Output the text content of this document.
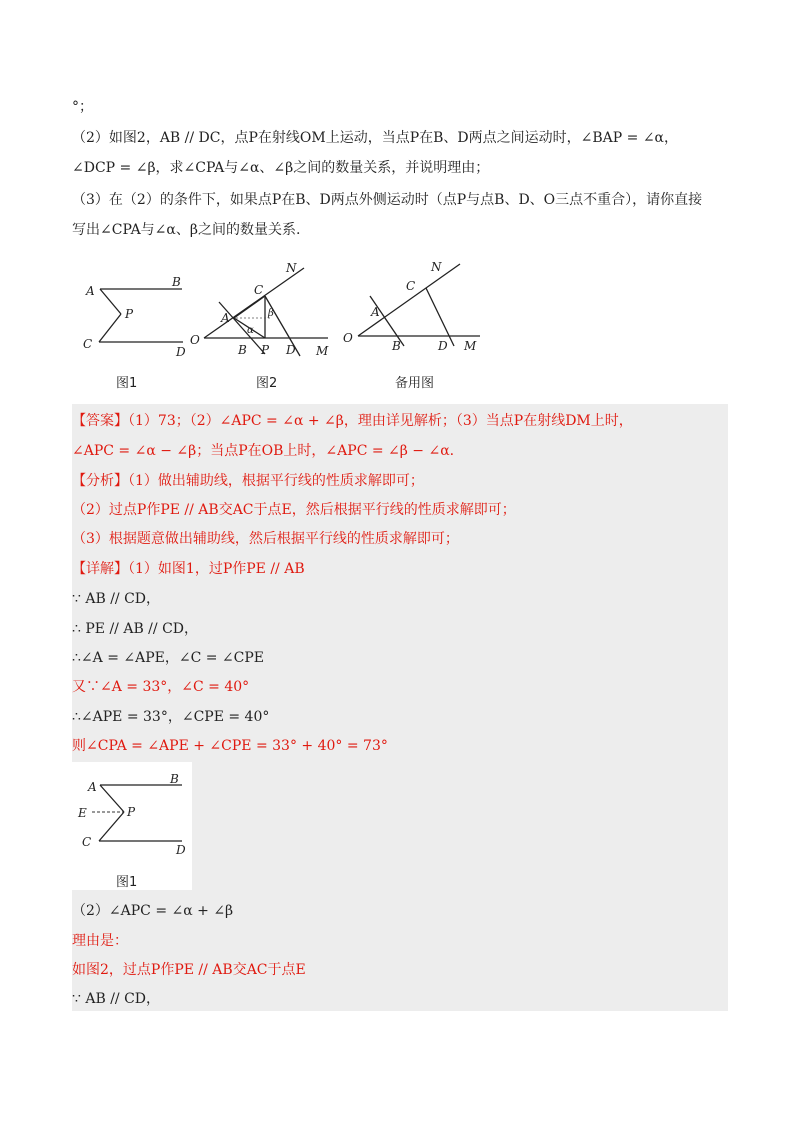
°；
（2）如图2，AB // DC，点P在射线OM上运动，当点P在B、D两点之间运动时，∠BAP = ∠α，
∠DCP = ∠β，求∠CPA与∠α、∠β之间的数量关系，并说明理由；
（3）在（2）的条件下，如果点P在B、D两点外侧运动时（点P与点B、D、O三点不重合），请你直接
写出∠CPA与∠α、β之间的数量关系.
A
B
C
D
P
图1
O
A
C
N
B P D M
α
β
图2
O
A
C
N
B	D M
备用图
【答案】（1）73；（2）∠APC = ∠α + ∠β，理由详见解析；（3）当点P在射线DM上时，
∠APC = ∠α − ∠β；当点P在OB上时，∠APC = ∠β − ∠α.
【分析】（1）做出辅助线，根据平行线的性质求解即可；
（2）过点P作PE // AB交AC于点E，然后根据平行线的性质求解即可；
（3）根据题意做出辅助线，然后根据平行线的性质求解即可；
【详解】（1）如图1，过P作PE // AB
∵ AB // CD，
∴ PE // AB // CD，
∴∠A = ∠APE，∠C = ∠CPE
又∵∠A = 33°，∠C = 40°
∴∠APE = 33°，∠CPE = 40°
则∠CPA = ∠APE + ∠CPE = 33° + 40° = 73°
A
B
E	P
C
D
图1
（2）∠APC = ∠α + ∠β
理由是：
如图2，过点P作PE // AB交AC于点E
∵ AB // CD，
